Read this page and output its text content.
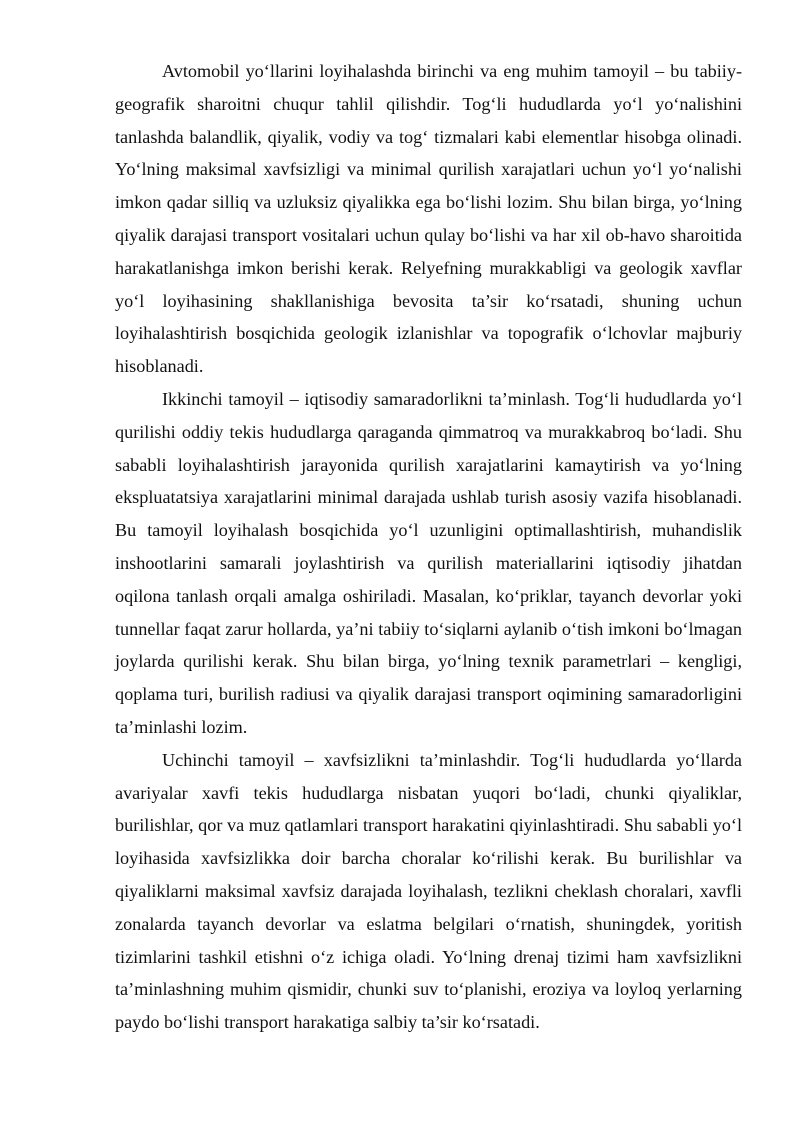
Avtomobil yo‘llarini loyihalashda birinchi va eng muhim tamoyil – bu tabiiy-geografik sharoitni chuqur tahlil qilishdir. Tog‘li hududlarda yo‘l yo‘nalishini tanlashda balandlik, qiyalik, vodiy va tog‘ tizmalari kabi elementlar hisobga olinadi. Yo‘lning maksimal xavfsizligi va minimal qurilish xarajatlari uchun yo‘l yo‘nalishi imkon qadar silliq va uzluksiz qiyalikka ega bo‘lishi lozim. Shu bilan birga, yo‘lning qiyalik darajasi transport vositalari uchun qulay bo‘lishi va har xil ob-havo sharoitida harakatlanishga imkon berishi kerak. Relyefning murakkabligi va geologik xavflar yo‘l loyihasining shakllanishiga bevosita ta’sir ko‘rsatadi, shuning uchun loyihalashtirish bosqichida geologik izlanishlar va topografik o‘lchovlar majburiy hisoblanadi.

Ikkinchi tamoyil – iqtisodiy samaradorlikni ta’minlash. Tog‘li hududlarda yo‘l qurilishi oddiy tekis hududlarga qaraganda qimmatroq va murakkabroq bo‘ladi. Shu sababli loyihalashtirish jarayonida qurilish xarajatlarini kamaytirish va yo‘lning ekspluatatsiya xarajatlarini minimal darajada ushlab turish asosiy vazifa hisoblanadi. Bu tamoyil loyihalash bosqichida yo‘l uzunligini optimallashtirish, muhandislik inshootlarini samarali joylashtirish va qurilish materiallarini iqtisodiy jihatdan oqilona tanlash orqali amalga oshiriladi. Masalan, ko‘priklar, tayanch devorlar yoki tunnellar faqat zarur hollarda, ya’ni tabiiy to‘siqlarni aylanib o‘tish imkoni bo‘lmagan joylarda qurilishi kerak. Shu bilan birga, yo‘lning texnik parametrlari – kengligi, qoplama turi, burilish radiusi va qiyalik darajasi transport oqimining samaradorligini ta’minlashi lozim.

Uchinchi tamoyil – xavfsizlikni ta’minlashdir. Tog‘li hududlarda yo‘llarda avariyalar xavfi tekis hududlarga nisbatan yuqori bo‘ladi, chunki qiyaliklar, burilishlar, qor va muz qatlamlari transport harakatini qiyinlashtiradi. Shu sababli yo‘l loyihasida xavfsizlikka doir barcha choralar ko‘rilishi kerak. Bu burilishlar va qiyaliklarni maksimal xavfsiz darajada loyihalash, tezlikni cheklash choralari, xavfli zonalarda tayanch devorlar va eslatma belgilari o‘rnatish, shuningdek, yoritish tizimlarini tashkil etishni o‘z ichiga oladi. Yo‘lning drenaj tizimi ham xavfsizlikni ta’minlashning muhim qismidir, chunki suv to‘planishi, eroziya va loyloq yerlarning paydo bo‘lishi transport harakatiga salbiy ta’sir ko‘rsatadi.
